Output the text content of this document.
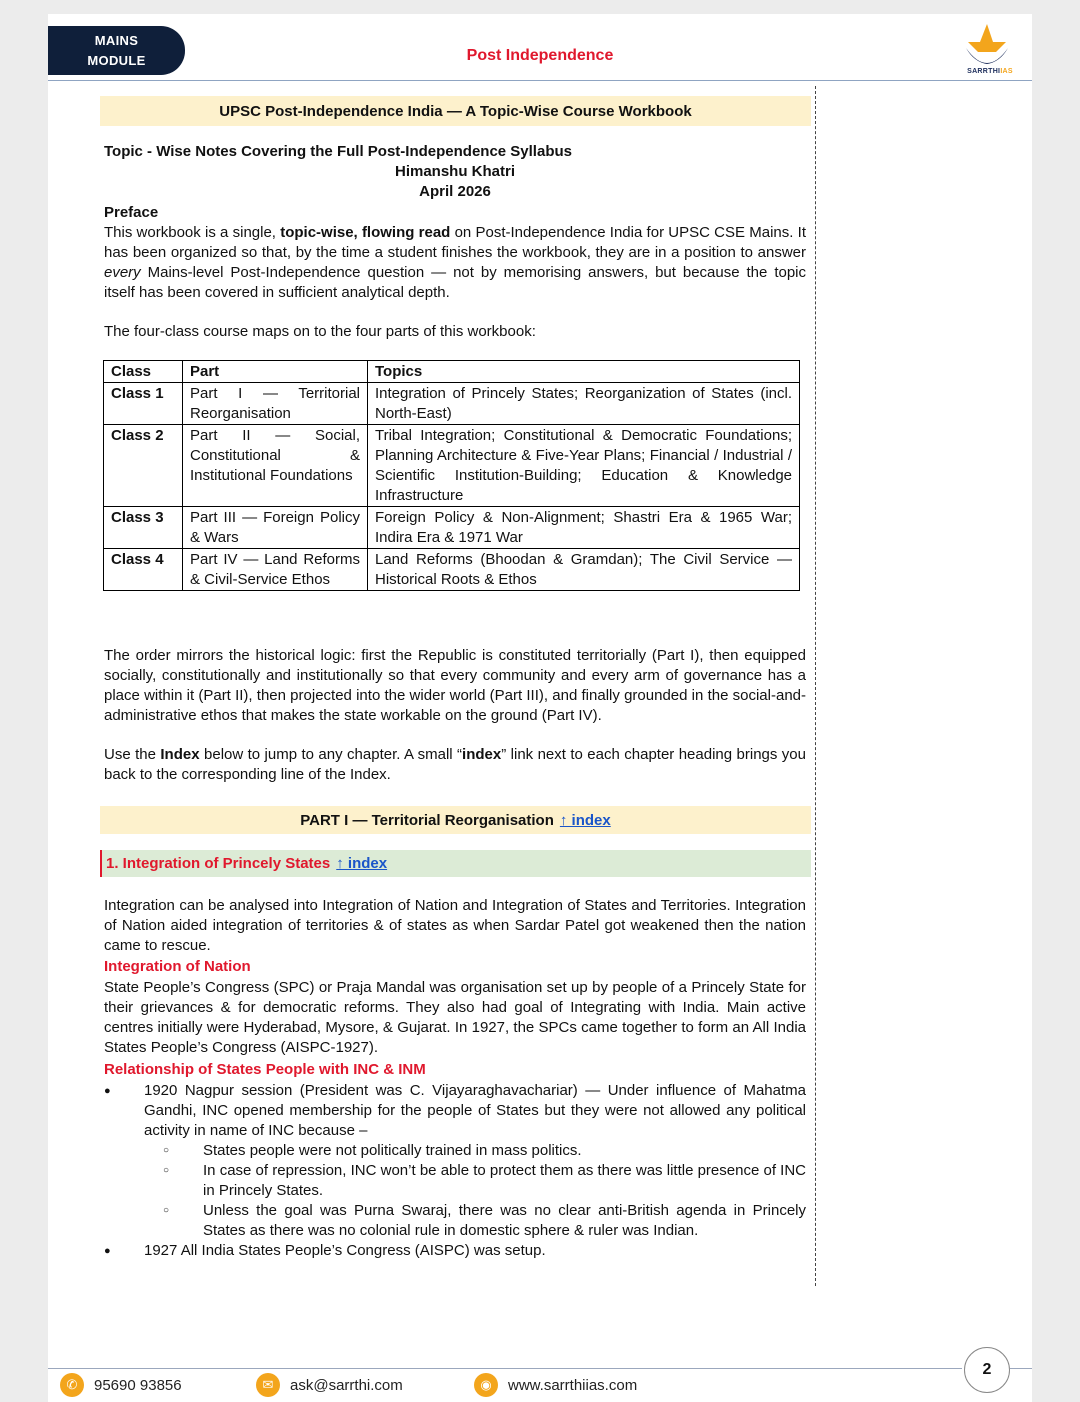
MAINS
MODULE	Post Independence
SARRTHIIAS
UPSC Post-Independence India — A Topic-Wise Course Workbook
Topic - Wise Notes Covering the Full Post-Independence Syllabus
Himanshu Khatri
April 2026
Preface
This workbook is a single, topic-wise, flowing read on Post-Independence India for UPSC CSE Mains. It has been organized so that, by the time a student finishes the workbook, they are in a position to answer every Mains-level Post-Independence question — not by memorising answers, but because the topic itself has been covered in sufficient analytical depth.
The four-class course maps on to the four parts of this workbook:
Class	Part	Topics
Class 1	Part I — Territorial Reorganisation	Integration of Princely States; Reorganization of States (incl. North-East)
Class 2	Part II — Social, Constitutional & Institutional Foundations	Tribal Integration; Constitutional & Democratic Foundations; Planning Architecture & Five-Year Plans; Financial / Industrial / Scientific Institution-Building; Education & Knowledge Infrastructure
Class 3	Part III — Foreign Policy & Wars	Foreign Policy & Non-Alignment; Shastri Era & 1965 War; Indira Era & 1971 War
Class 4	Part IV — Land Reforms & Civil-Service Ethos	Land Reforms (Bhoodan & Gramdan); The Civil Service — Historical Roots & Ethos
The order mirrors the historical logic: first the Republic is constituted territorially (Part I), then equipped socially, constitutionally and institutionally so that every community and every arm of governance has a place within it (Part II), then projected into the wider world (Part III), and finally grounded in the social-and-administrative ethos that makes the state workable on the ground (Part IV).
Use the Index below to jump to any chapter. A small “index” link next to each chapter heading brings you back to the corresponding line of the Index.
PART I — Territorial Reorganisation ↑ index
1. Integration of Princely States ↑ index
Integration can be analysed into Integration of Nation and Integration of States and Territories. Integration of Nation aided integration of territories & of states as when Sardar Patel got weakened then the nation came to rescue.
Integration of Nation
State People’s Congress (SPC) or Praja Mandal was organisation set up by people of a Princely State for their grievances & for democratic reforms. They also had goal of Integrating with India. Main active centres initially were Hyderabad, Mysore, & Gujarat. In 1927, the SPCs came together to form an All India States People’s Congress (AISPC-1927).
Relationship of States People with INC & INM
● 1920 Nagpur session (President was C. Vijayaraghavachariar) — Under influence of Mahatma Gandhi, INC opened membership for the people of States but they were not allowed any political activity in name of INC because –
○ States people were not politically trained in mass politics.
○ In case of repression, INC won’t be able to protect them as there was little presence of INC in Princely States.
○ Unless the goal was Purna Swaraj, there was no clear anti-British agenda in Princely States as there was no colonial rule in domestic sphere & ruler was Indian.
● 1927 All India States People’s Congress (AISPC) was setup.
2
✆	95690 93856	✉	ask@sarrthi.com	◉	www.sarrthiias.com
